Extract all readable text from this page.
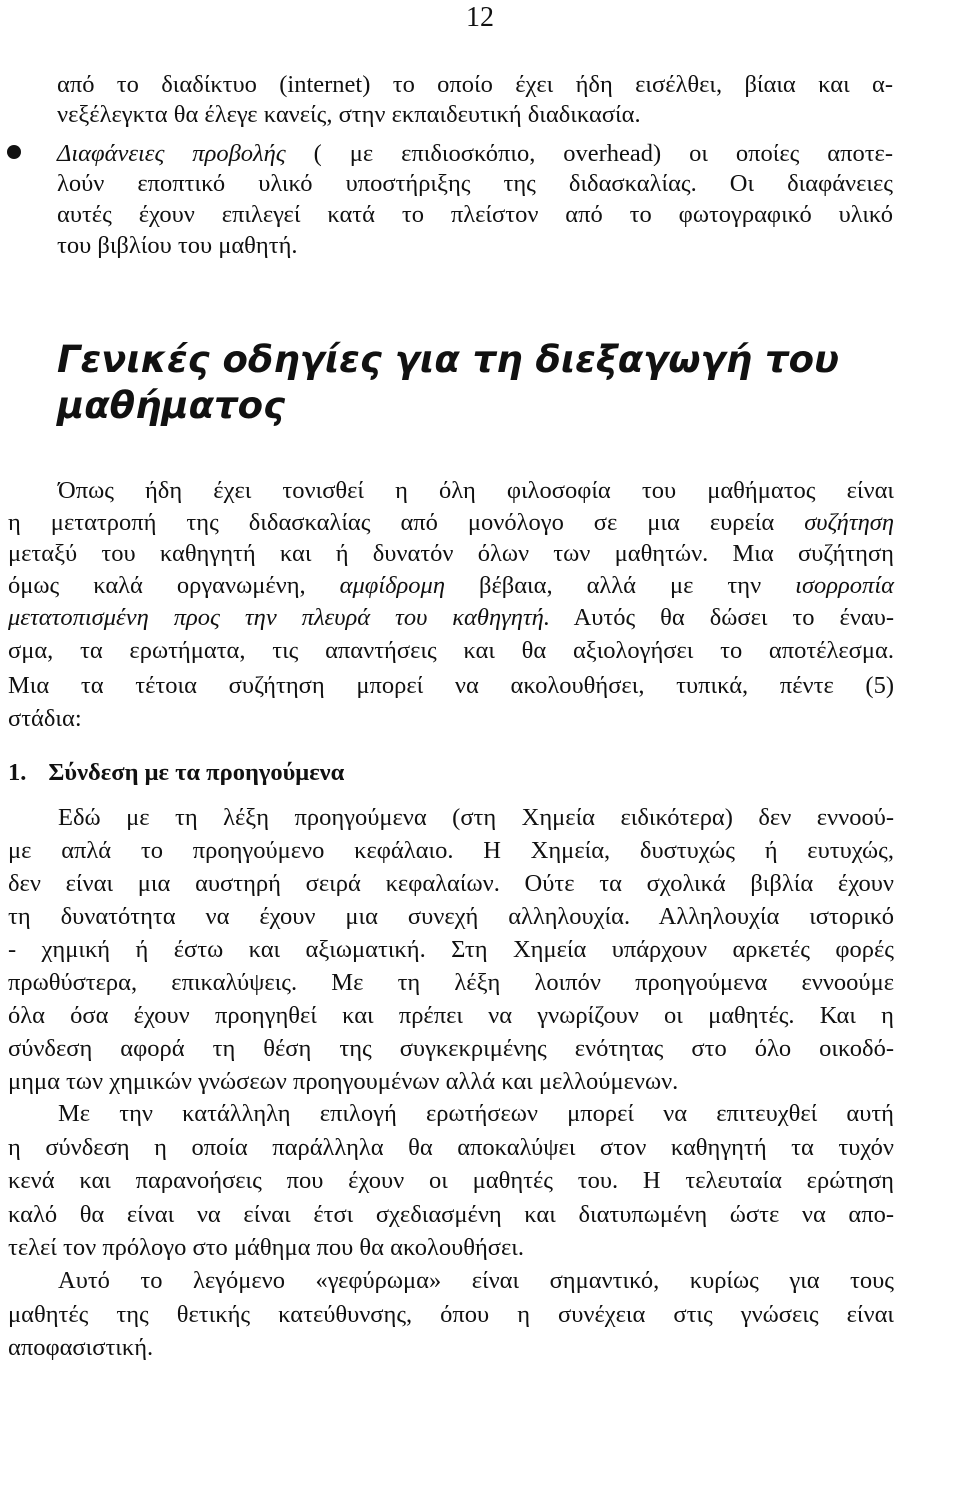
12
από το διαδίκτυο (internet) το οποίο έχει ήδη εισέλθει, βίαια και α-
νεξέλεγκτα θα έλεγε κανείς, στην εκπαιδευτική διαδικασία.
Διαφάνειες προβολής ( με επιδιοσκόπιο, overhead) οι οποίες αποτε-
λούν εποπτικό υλικό υποστήριξης της διδασκαλίας. Οι διαφάνειες
αυτές έχουν επιλεγεί κατά το πλείστον από το φωτογραφικό υλικό
του βιβλίου του μαθητή.
Γενικές οδηγίες για τη διεξαγωγή του
μαθήματος
Όπως ήδη έχει τονισθεί η όλη φιλοσοφία του μαθήματος είναι
η μετατροπή της διδασκαλίας από μονόλογο σε μια ευρεία συζήτηση
μεταξύ του καθηγητή και ή δυνατόν όλων των μαθητών. Μια συζήτηση
όμως καλά οργανωμένη, αμφίδρομη βέβαια, αλλά με την ισορροπία
μετατοπισμένη προς την πλευρά του καθηγητή. Αυτός θα δώσει το έναυ-
σμα, τα ερωτήματα, τις απαντήσεις και θα αξιολογήσει το αποτέλεσμα.
Μια τα τέτοια συζήτηση μπορεί να ακολουθήσει, τυπικά, πέντε (5)
στάδια:
1. Σύνδεση με τα προηγούμενα
Εδώ με τη λέξη προηγούμενα (στη Χημεία ειδικότερα) δεν εννοού-
με απλά το προηγούμενο κεφάλαιο. Η Χημεία, δυστυχώς ή ευτυχώς,
δεν είναι μια αυστηρή σειρά κεφαλαίων. Ούτε τα σχολικά βιβλία έχουν
τη δυνατότητα να έχουν μια συνεχή αλληλουχία. Αλληλουχία ιστορικό
- χημική ή έστω και αξιωματική. Στη Χημεία υπάρχουν αρκετές φορές
πρωθύστερα, επικαλύψεις. Με τη λέξη λοιπόν προηγούμενα εννοούμε
όλα όσα έχουν προηγηθεί και πρέπει να γνωρίζουν οι μαθητές. Και η
σύνδεση αφορά τη θέση της συγκεκριμένης ενότητας στο όλο οικοδό-
μημα των χημικών γνώσεων προηγουμένων αλλά και μελλούμενων.
Με την κατάλληλη επιλογή ερωτήσεων μπορεί να επιτευχθεί αυτή
η σύνδεση η οποία παράλληλα θα αποκαλύψει στον καθηγητή τα τυχόν
κενά και παρανοήσεις που έχουν οι μαθητές του. Η τελευταία ερώτηση
καλό θα είναι να είναι έτσι σχεδιασμένη και διατυπωμένη ώστε να απο-
τελεί τον πρόλογο στο μάθημα που θα ακολουθήσει.
Αυτό το λεγόμενο «γεφύρωμα» είναι σημαντικό, κυρίως για τους
μαθητές της θετικής κατεύθυνσης, όπου η συνέχεια στις γνώσεις είναι
αποφασιστική.
